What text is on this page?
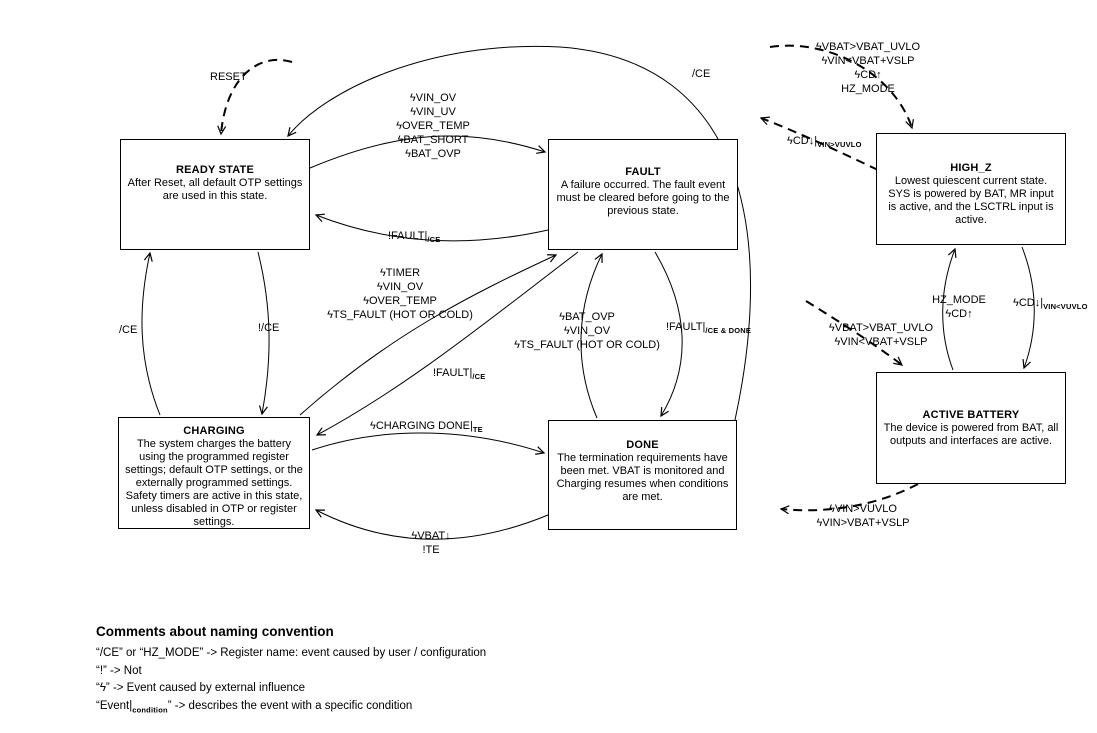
READY STATE
After Reset, all default OTP settings are used in this state.
FAULT
A failure occurred. The fault event must be cleared before going to the previous state.
HIGH_Z
Lowest quiescent current state. SYS is powered by BAT, MR input is active, and the LSCTRL input is active.
CHARGING
The system charges the battery using the programmed register settings; default OTP settings, or the externally programmed settings. Safety timers are active in this state, unless disabled in OTP or register settings.
DONE
The termination requirements have been met. VBAT is monitored and Charging resumes when conditions are met.
ACTIVE BATTERY
The device is powered from BAT, all outputs and interfaces are active.
RESET	/CE
ϟVIN_OV
ϟVIN_UV
ϟOVER_TEMP
ϟBAT_SHORT
ϟBAT_OVP
$!FAULT|_{/CE}$
/CE	!/CE
ϟTIMER
ϟVIN_OV
ϟOVER_TEMP
ϟTS_FAULT (HOT OR COLD)
$!FAULT|_{/CE}$
ϟBAT_OVP
ϟVIN_OV
ϟTS_FAULT (HOT OR COLD)
$!FAULT|_{/CE \& DONE}$
ϟCHARGING $DONE|_{TE}$
ϟVBAT↓
!TE
HZ_MODE
ϟCD↑
$ϟCD↓|_{VIN<VUVLO}$
ϟVBAT>VBAT_UVLO
ϟVIN<VBAT+VSLP
ϟCD↑
HZ_MODE
$ϟCD↓|_{VIN>VUVLO}$
ϟVBAT>VBAT_UVLO
ϟVIN<VBAT+VSLP
ϟVIN>VUVLO
ϟVIN>VBAT+VSLP
Comments about naming convention
“/CE” or “HZ_MODE” -> Register name: event caused by user / configuration
“!” -> Not
“ϟ” -> Event caused by external influence
“$Event|_{condition}$” -> describes the event with a specific condition
